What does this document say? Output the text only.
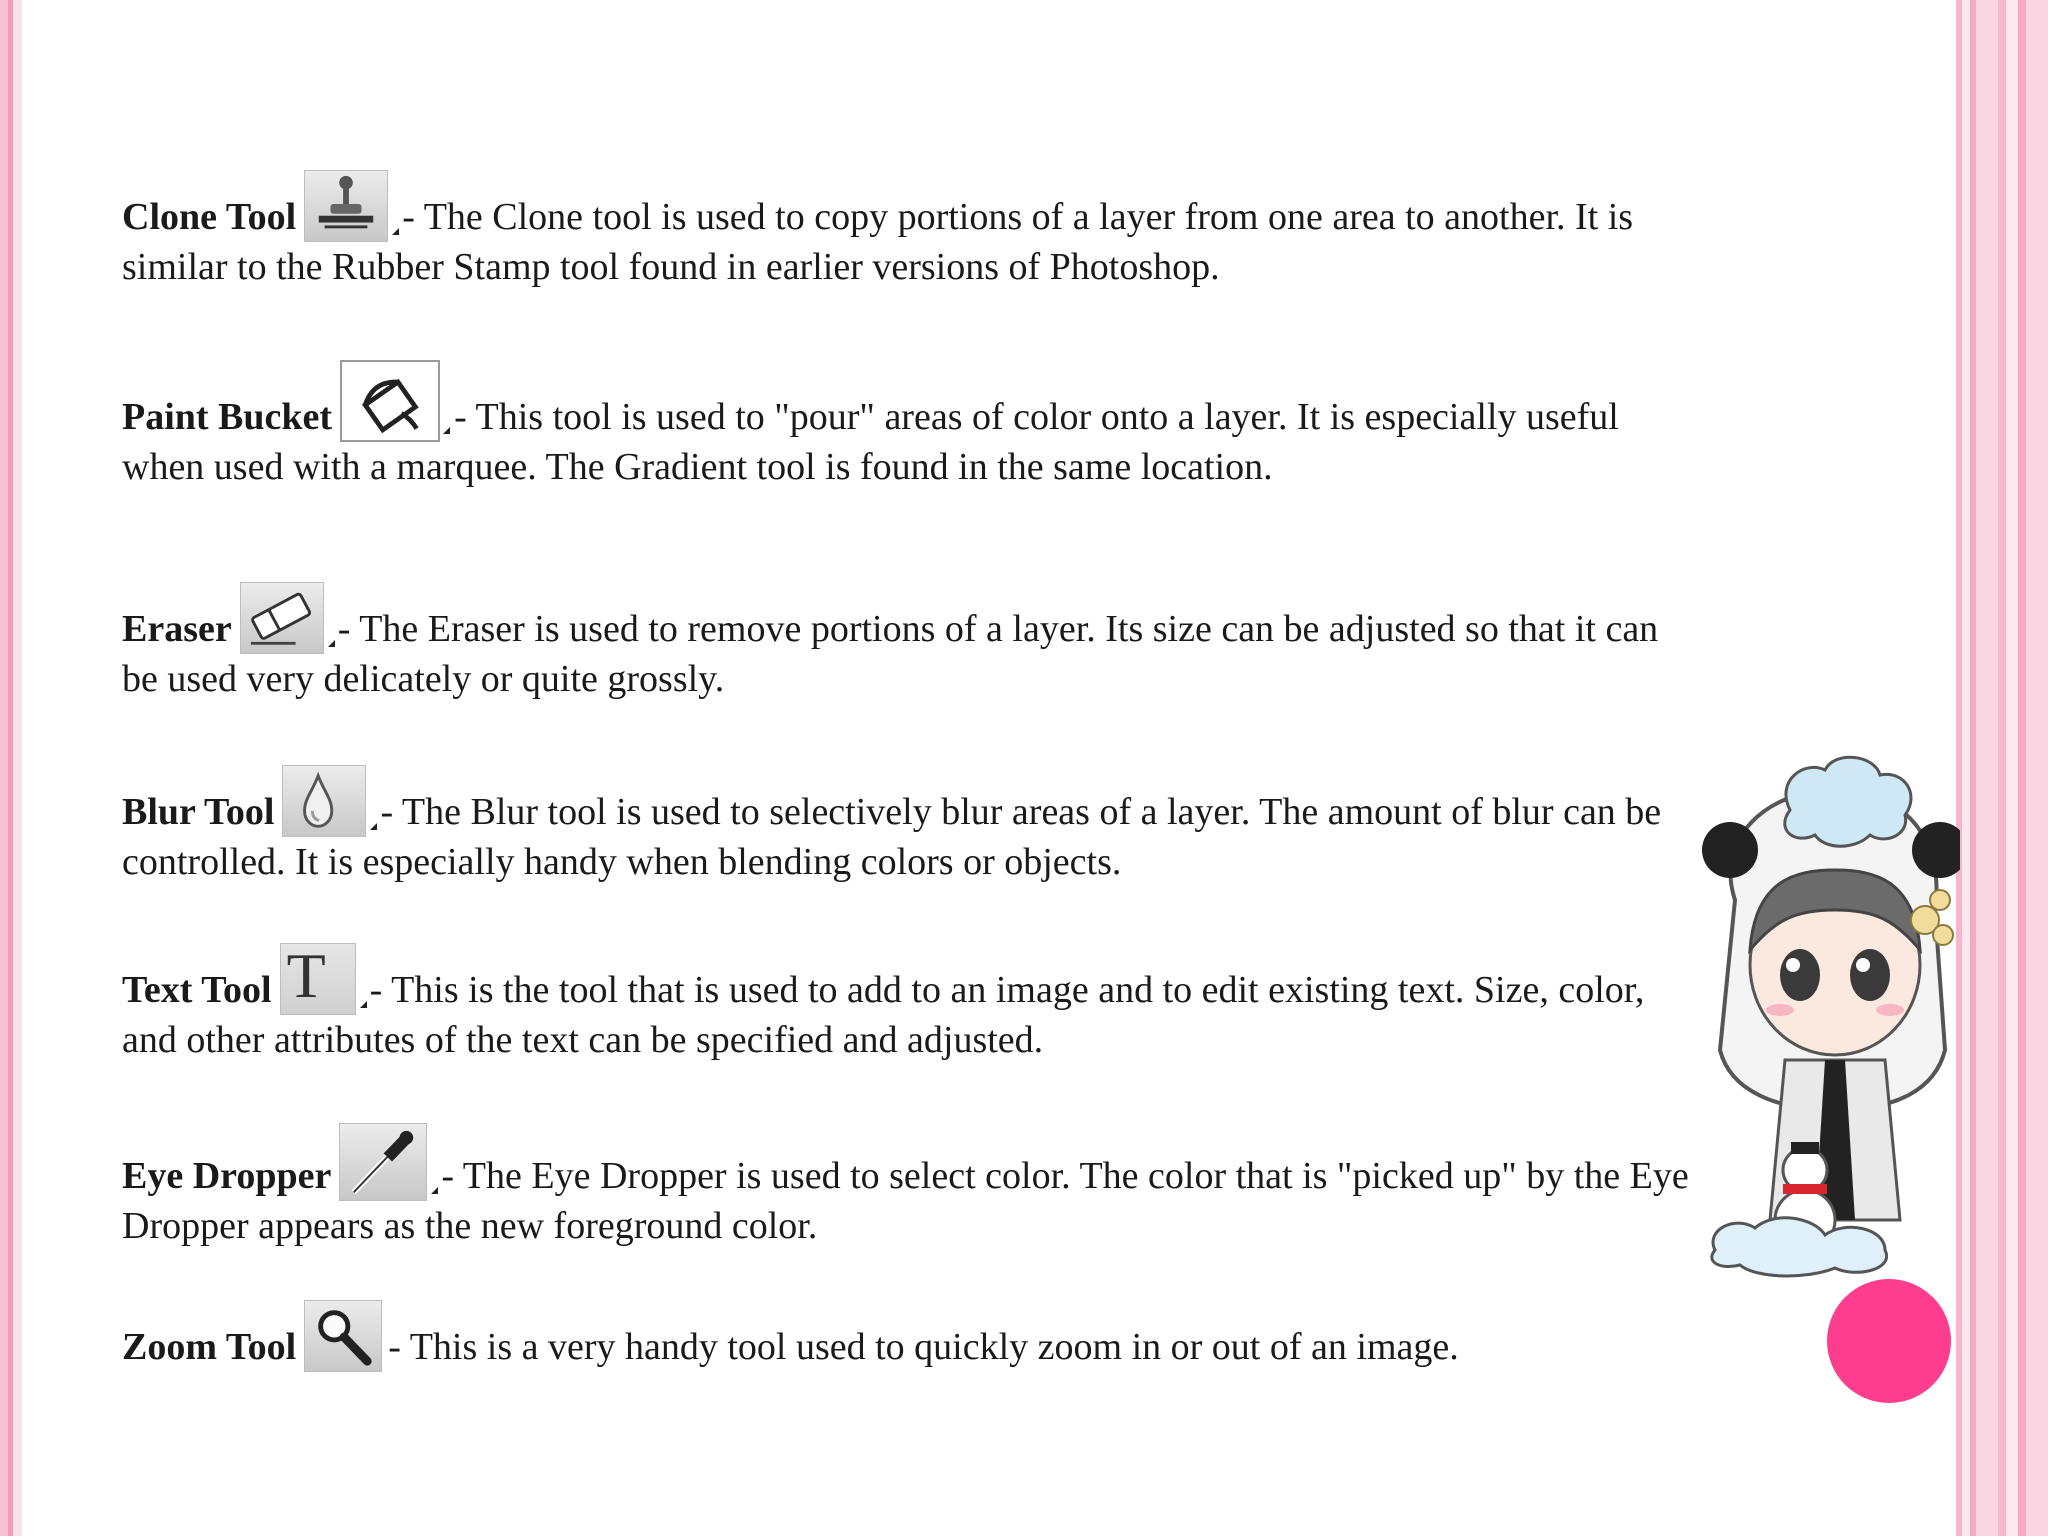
Clone Tool	- The Clone tool is used to copy portions of a layer from one area to another. It is similar to the Rubber Stamp tool found in earlier versions of Photoshop.
Paint Bucket	- This tool is used to "pour" areas of color onto a layer. It is especially useful when used with a marquee. The Gradient tool is found in the same location.
Eraser	- The Eraser is used to remove portions of a layer. Its size can be adjusted so that it can be used very delicately or quite grossly.
Blur Tool	- The Blur tool is used to selectively blur areas of a layer. The amount of blur can be controlled. It is especially handy when blending colors or objects.
Text Tool T - This is the tool that is used to add to an image and to edit existing text. Size, color, and other attributes of the text can be specified and adjusted.
Eye Dropper	- The Eye Dropper is used to select color. The color that is "picked up" by the Eye Dropper appears as the new foreground color.
Zoom Tool - This is a very handy tool used to quickly zoom in or out of an image.
